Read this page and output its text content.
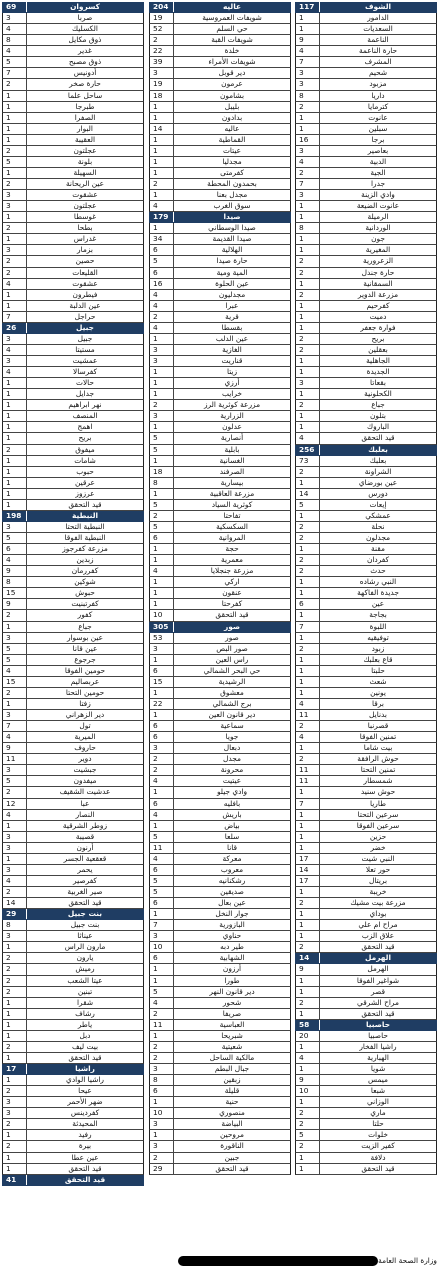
69	كسروان
3	صربا
4	الكسليك
8	ذوق مكايل
4	غدير
5	ذوق مصبح
7	أدونيس
2	حارة صخر
1	ساحل علما
1	طبرجا
1	الصفرا
1	البوار
1	العقيبة
2	عجلتون
5	بلونة
1	السهيلة
2	عين الريحانة
3	عشقوت
3	عجلتون
1	غوسطا
2	بطحا
1	غدراس
3	بزمار
2	حصين
2	القليعات
4	عشقوت
1	فيطرون
1	عين الدلبة
7	حراجل
26	جبيل
3	جبيل
4	مستيتا
3	عمشيت
4	كفرسالا
1	حالات
1	جدايل
1	نهر ابراهيم
1	المنصف
1	اهمج
1	بريح
2	ميفوق
1	شامات
1	حبوب
1	عرقين
1	عرزوز
1	قيد التحقق
198	النبطية
3	النبطية التحتا
5	النبطية الفوقا
6	مزرعة كفرجوز
4	زبدين
9	كفررمان
8	شوكين
15	حبوش
9	كفرتبنيت
2	كفور
1	جباع
3	عين بوسوار
5	عين قانا
5	جرجوع
4	حومين الفوقا
15	عربصاليم
2	حومين التحتا
1	زفتا
3	دير الزهراني
7	تول
4	الميرية
9	حاروف
11	دوير
3	جبشيت
5	ميفدون
2	عدشيت الشقيف
12	عبا
4	النصار
1	زوطر الشرقية
3	قصيبة
3	أرنون
1	قعقعية الجسر
3	يحمر
4	كفرصير
2	صير الغربية
14	قيد التحقق
29	بنت جبيل
8	بنت جبيل
3	عيناثا
1	مارون الراس
2	يارون
2	رميش
2	عيتا الشعب
2	تبنين
1	شقرا
1	رشاف
1	ياطر
1	دبل
2	بيت ليف
1	قيد التحقق
17	راشيا
1	راشيا الوادي
2	عيحا
3	ضهر الأحمر
3	كفردينس
2	المحيدثة
1	رفيد
2	بيرة
1	عين عطا
1	قيد التحقق
41	قيد التحقق
204	عاليه
19	شويفات العمروسية
52	حي السلم
2	شويفات القبة
22	خلدة
39	شويفات الأمراء
3	دير قوبل
19	عرمون
18	بشامون
1	بليبل
1	بدادون
14	عاليه
1	القماطية
1	عيتات
1	مجدليا
1	كفرمتى
2	بحمدون المحطة
1	مجدل بعنا
4	سوق الغرب
179	صيدا
1	صيدا الوسطاني
34	صيدا القديمة
6	الهلالية
5	حارة صيدا
6	المية ومية
16	عين الحلوة
4	مجدليون
4	عبرا
2	قرية
4	بقسطا
1	عين الدلب
3	الغازية
3	قناريت
1	زيتا
1	أرزي
1	خرايب
2	مزرعة كوثرية الرز
3	الزرارية
1	عدلون
5	أنصارية
5	بابلية
1	الغسانية
18	الصرفند
8	بيسارية
1	مزرعة العاقبية
5	كوثرية السياد
2	تفاحتا
5	السكسكية
6	المروانية
1	حجة
1	معمرية
4	مزرعة جنجلايا
1	اركي
1	عنقون
1	كفرحتا
10	قيد التحقق
305	صور
53	صور
3	صور البص
1	راس العين
6	حي البحر الشمالي
15	الرشيدية
1	معشوق
22	برج الشمالي
1	دير قانون العين
6	سماعية
6	جويا
3	دبعال
2	مجدل
2	محرونة
4	عيتيت
1	وادي جيلو
6	بافليه
4	باريش
1	بياض
5	سلعا
11	قانا
4	معركة
6	معروب
5	رشكنانيه
5	صديقين
6	عين بعال
1	جوار النخل
7	البازورية
3	حناوي
10	طير دبه
6	الشهابية
1	أرزون
1	طورا
5	دير قانون النهر
4	شحور
2	صريفا
11	العباسية
1	شبريحا
2	شعيتية
2	مالكية الساحل
3	جبال البطم
8	زبقين
6	قليلة
1	حنية
10	منصوري
3	البياضة
1	مروحين
3	الناقورة
2	جبين
29	قيد التحقق
117	الشوف
1	الدامور
1	السعديات
9	الناعمة
4	حارة الناعمة
7	المشرف
3	شحيم
3	مزبود
8	داريا
2	كترمايا
1	عانوت
1	سبلين
16	برجا
3	بعاصير
4	الدبية
2	الجية
7	جدرا
3	وادي الزينة
1	عانوت الضيعة
1	الرميلة
8	الوردانية
1	جون
1	المغيرية
2	الزعرورية
2	حارة جندل
1	السمقانية
2	مزرعة الدوير
1	كفرحيم
1	دميت
1	فوارة جعفر
2	بريح
2	بعقلين
1	الجاهلية
1	الجديدة
3	بقعاتا
1	الكحلونية
2	جباع
1	بتلون
1	الباروك
4	قيد التحقق
256	بعلبك
73	بعلبك
2	الشراونة
1	عين بورضاي
14	دورس
5	إيعات
1	عمشكي
2	نحلة
2	مجدلون
1	مقنة
2	كفردان
2	حدث
1	النبي رشاده
1	جديدة الفاكهة
6	عين
1	بجاجة
7	اللبوة
1	توفيقيه
2	زبود
1	قاع بعلبك
1	حلبتا
1	شعث
1	يونين
4	برقا
11	بدنايل
2	قصرنبا
4	تمنين الفوقا
1	بيت شاما
2	حوش الرافقة
11	تمنين التحتا
11	شمسطار
1	حوش سنيد
7	طاريا
1	سرعين التحتا
1	سرعين الفوقا
1	حزين
1	خضر
17	النبي شيت
14	حور تعلا
17	بريتال
1	خريبة
2	مزرعة بيت مشيك
1	بوداي
1	مراح ام علي
1	علاق الزب
2	قيد التحقق
14	الهرمل
9	الهرمل
1	شواغير الفوقا
1	قصر
2	مراح الشرقي
1	قيد التحقق
58	حاصبيا
20	حاصبيا
1	راشيا الفخار
4	الهبارية
1	شويا
9	ميمس
10	شبعا
1	الوزاني
2	ماري
2	حلتا
5	خلوات
2	كفير الزيت
1	دلافة
1	قيد التحقق
وزارة الصحة العامة
